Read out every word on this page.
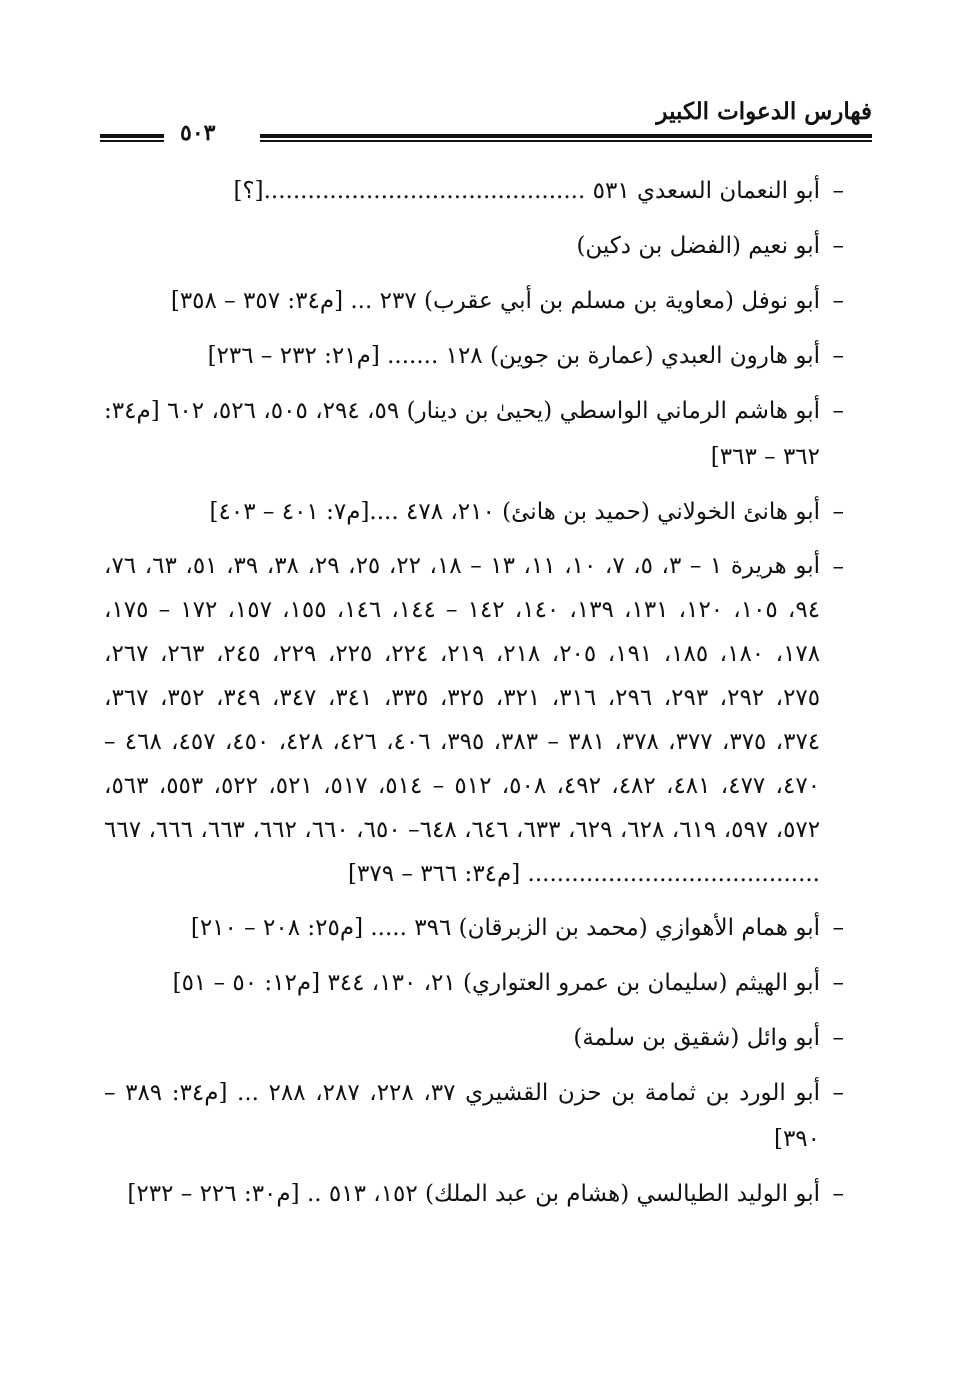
فهارس الدعوات الكبير
٥٠٣
–
أبو النعمان السعدي ٥٣١ ............................................[؟]
–
أبو نعيم (الفضل بن دكين)
–
أبو نوفل (معاوية بن مسلم بن أبي عقرب) ٢٣٧ ... [م٣٤: ٣٥٧ – ٣٥٨]
–
أبو هارون العبدي (عمارة بن جوين) ١٢٨ ....... [م٢١: ٢٣٢ – ٢٣٦]
–
أبو هاشم الرماني الواسطي (يحيىٰ بن دينار) ٥٩، ٢٩٤، ٥٠٥، ٥٢٦، ٦٠٢ [م٣٤: ٣٦٢ – ٣٦٣]
–
أبو هانئ الخولاني (حميد بن هانئ) ٢١٠، ٤٧٨ ....[م٧: ٤٠١ – ٤٠٣]
–
أبو هريرة ١ – ٣، ٥، ٧، ١٠، ١١، ١٣ – ١٨، ٢٢، ٢٥، ٢٩، ٣٨، ٣٩، ٥١، ٦٣، ٧٦، ٩٤، ١٠٥، ١٢٠، ١٣١، ١٣٩، ١٤٠، ١٤٢ – ١٤٤، ١٤٦، ١٥٥، ١٥٧، ١٧٢ – ١٧٥، ١٧٨، ١٨٠، ١٨٥، ١٩١، ٢٠٥، ٢١٨، ٢١٩، ٢٢٤، ٢٢٥، ٢٢٩، ٢٤٥، ٢٦٣، ٢٦٧، ٢٧٥، ٢٩٢، ٢٩٣، ٢٩٦، ٣١٦، ٣٢١، ٣٢٥، ٣٣٥، ٣٤١، ٣٤٧، ٣٤٩، ٣٥٢، ٣٦٧، ٣٧٤، ٣٧٥، ٣٧٧، ٣٧٨، ٣٨١ – ٣٨٣، ٣٩٥، ٤٠٦، ٤٢٦، ٤٢٨، ٤٥٠، ٤٥٧، ٤٦٨ – ٤٧٠، ٤٧٧، ٤٨١، ٤٨٢، ٤٩٢، ٥٠٨، ٥١٢ – ٥١٤، ٥١٧، ٥٢١، ٥٢٢، ٥٥٣، ٥٦٣، ٥٧٢، ٥٩٧، ٦١٩، ٦٢٨، ٦٢٩، ٦٣٣، ٦٤٦، ٦٤٨– ٦٥٠، ٦٦٠، ٦٦٢، ٦٦٣، ٦٦٦، ٦٦٧ ........................................ [م٣٤: ٣٦٦ – ٣٧٩]
–
أبو همام الأهوازي (محمد بن الزبرقان) ٣٩٦ ..... [م٢٥: ٢٠٨ – ٢١٠]
–
أبو الهيثم (سليمان بن عمرو العتواري) ٢١، ١٣٠، ٣٤٤ [م١٢: ٥٠ – ٥١]
–
أبو وائل (شقيق بن سلمة)
–
أبو الورد بن ثمامة بن حزن القشيري ٣٧، ٢٢٨، ٢٨٧، ٢٨٨ ... [م٣٤: ٣٨٩ – ٣٩٠]
–
أبو الوليد الطيالسي (هشام بن عبد الملك) ١٥٢، ٥١٣ .. [م٣٠: ٢٢٦ – ٢٣٢]
